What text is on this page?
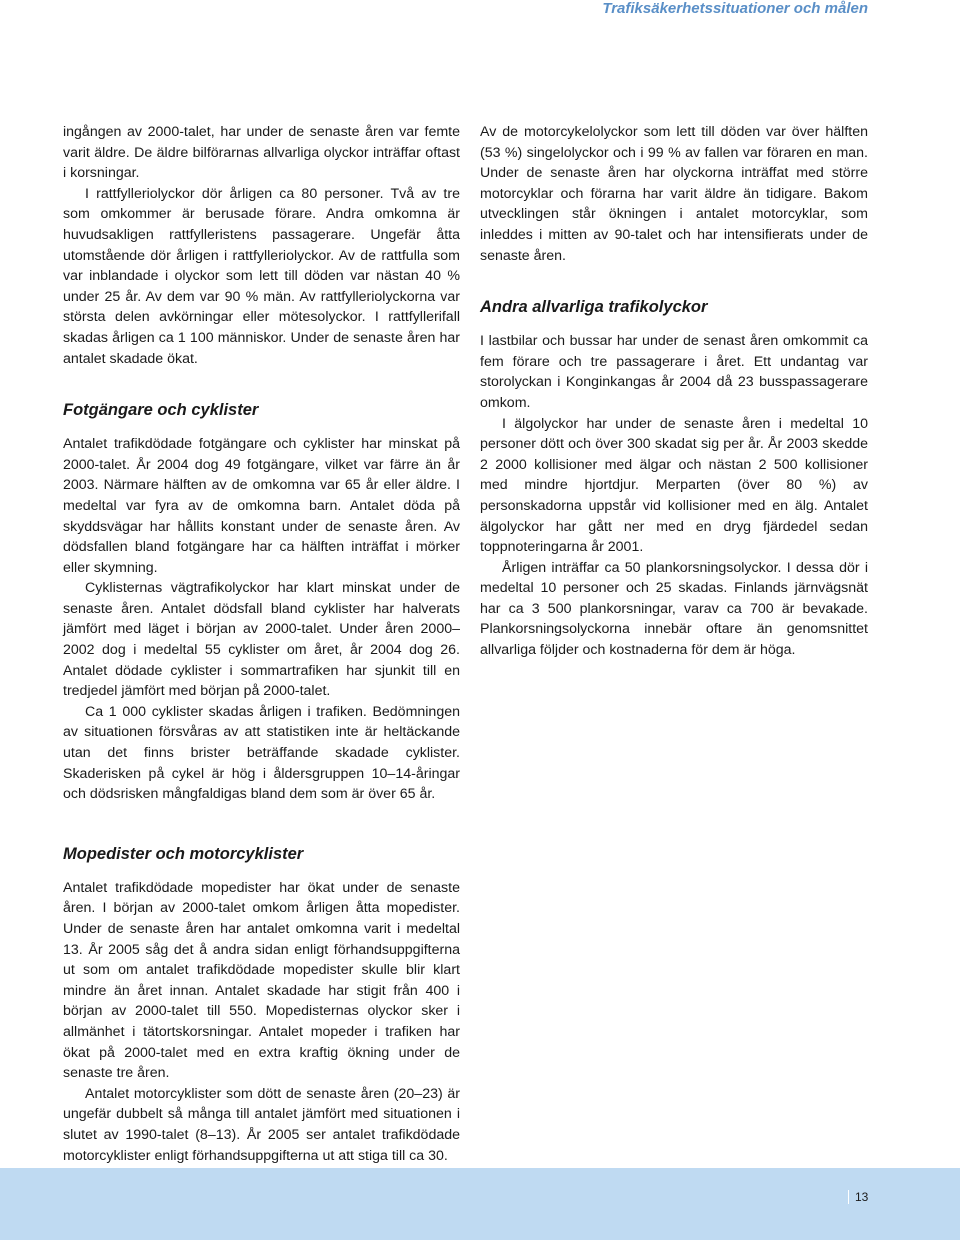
Trafiksäkerhetssituationer och målen

ingången av 2000-talet, har under de senaste åren var femte varit äldre. De äldre bilförarnas allvarliga olyckor inträffar oftast i korsningar.

I rattfylleriolyckor dör årligen ca 80 personer. Två av tre som omkommer är berusade förare. Andra omkomna är huvudsakligen rattfylleristens passagerare. Ungefär åtta utomstående dör årligen i rattfylleriolyckor. Av de rattfulla som var inblandade i olyckor som lett till döden var nästan 40 % under 25 år. Av dem var 90 % män. Av rattfylleriolyckorna var största delen avkörningar eller mötesolyckor. I rattfyllerifall skadas årligen ca 1 100 människor. Under de senaste åren har antalet skadade ökat.

Fotgängare och cyklister

Antalet trafikdödade fotgängare och cyklister har minskat på 2000-talet. År 2004 dog 49 fotgängare, vilket var färre än år 2003. Närmare hälften av de omkomna var 65 år eller äldre. I medeltal var fyra av de omkomna barn. Antalet döda på skyddsvägar har hållits konstant under de senaste åren. Av dödsfallen bland fotgängare har ca hälften inträffat i mörker eller skymning.

Cyklisternas vägtrafikolyckor har klart minskat under de senaste åren. Antalet dödsfall bland cyklister har halverats jämfört med läget i början av 2000-talet. Under åren 2000–2002 dog i medeltal 55 cyklister om året, år 2004 dog 26. Antalet dödade cyklister i sommartrafiken har sjunkit till en tredjedel jämfört med början på 2000-talet.

Ca 1 000 cyklister skadas årligen i trafiken. Bedömningen av situationen försvåras av att statistiken inte är heltäckande utan det finns brister beträffande skadade cyklister. Skaderisken på cykel är hög i åldersgruppen 10–14-åringar och dödsrisken mångfaldigas bland dem som är över 65 år.

Mopedister och motorcyklister

Antalet trafikdödade mopedister har ökat under de senaste åren. I början av 2000-talet omkom årligen åtta mopedister. Under de senaste åren har antalet omkomna varit i medeltal 13. År 2005 såg det å andra sidan enligt förhandsuppgifterna ut som om antalet trafikdödade mopedister skulle blir klart mindre än året innan. Antalet skadade har stigit från 400 i början av 2000-talet till 550. Mopedisternas olyckor sker i allmänhet i tätortskorsningar. Antalet mopeder i trafiken har ökat på 2000-talet med en extra kraftig ökning under de senaste tre åren.

Antalet motorcyklister som dött de senaste åren (20–23) är ungefär dubbelt så många till antalet jämfört med situationen i slutet av 1990-talet (8–13). År 2005 ser antalet trafikdödade motorcyklister enligt förhandsuppgifterna ut att stiga till ca 30.

Av de motorcykelolyckor som lett till döden var över hälften (53 %) singelolyckor och i 99 % av fallen var föraren en man. Under de senaste åren har olyckorna inträffat med större motorcyklar och förarna har varit äldre än tidigare. Bakom utvecklingen står ökningen i antalet motorcyklar, som inleddes i mitten av 90-talet och har intensifierats under de senaste åren.

Andra allvarliga trafikolyckor

I lastbilar och bussar har under de senast åren omkommit ca fem förare och tre passagerare i året. Ett undantag var storolyckan i Konginkangas år 2004 då 23 busspassagerare omkom.

I älgolyckor har under de senaste åren i medeltal 10 personer dött och över 300 skadat sig per år. År 2003 skedde 2 2000 kollisioner med älgar och nästan 2 500 kollisioner med mindre hjortdjur. Merparten (över 80 %) av personskadorna uppstår vid kollisioner med en älg. Antalet älgolyckor har gått ner med en dryg fjärdedel sedan toppnoteringarna år 2001.

Årligen inträffar ca 50 plankorsningsolyckor. I dessa dör i medeltal 10 personer och 25 skadas. Finlands järnvägsnät har ca 3 500 plankorsningar, varav ca 700 är bevakade. Plankorsningsolyckorna innebär oftare än genomsnittet allvarliga följder och kostnaderna för dem är höga.

13
